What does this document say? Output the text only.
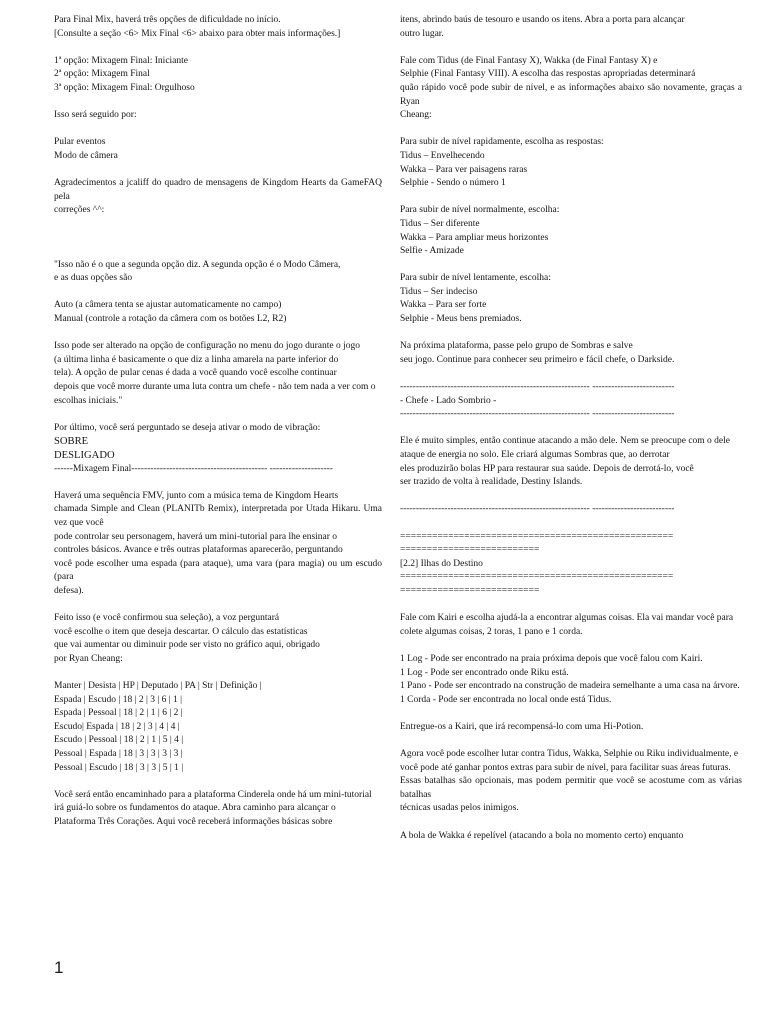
Para Final Mix, haverá três opções de dificuldade no início.
[Consulte a seção <6> Mix Final <6> abaixo para obter mais informações.]
1ª opção: Mixagem Final: Iniciante
2ª opção: Mixagem Final
3ª opção: Mixagem Final: Orgulhoso
Isso será seguido por:
Pular eventos
Modo de câmera
Agradecimentos a jcaliff do quadro de mensagens de Kingdom Hearts da GameFAQ pela
correções ^^:
"Isso não é o que a segunda opção diz. A segunda opção é o Modo Câmera,
e as duas opções são
Auto (a câmera tenta se ajustar automaticamente no campo)
Manual (controle a rotação da câmera com os botões L2, R2)
Isso pode ser alterado na opção de configuração no menu do jogo durante o jogo
(a última linha é basicamente o que diz a linha amarela na parte inferior do
tela). A opção de pular cenas é dada a você quando você escolhe continuar
depois que você morre durante uma luta contra um chefe - não tem nada a ver com o
escolhas iniciais."
Por último, você será perguntado se deseja ativar o modo de vibração:
SOBRE
DESLIGADO
------Mixagem Final------------------------------------------- --------------------
Haverá uma sequência FMV, junto com a música tema de Kingdom Hearts
chamada Simple and Clean (PLANITb Remix), interpretada por Utada Hikaru. Uma vez que você
pode controlar seu personagem, haverá um mini-tutorial para lhe ensinar o
controles básicos. Avance e três outras plataformas aparecerão, perguntando
você pode escolher uma espada (para ataque), uma vara (para magia) ou um escudo (para
defesa).
Feito isso (e você confirmou sua seleção), a voz perguntará
você escolhe o item que deseja descartar. O cálculo das estatísticas
que vai aumentar ou diminuir pode ser visto no gráfico aqui, obrigado
por Ryan Cheang:
Manter | Desista | HP | Deputado | PA | Str | Definição |
Espada | Escudo | 18 | 2 | 3 | 6 | 1 |
Espada | Pessoal | 18 | 2 | 1 | 6 | 2 |
Escudo| Espada | 18 | 2 | 3 | 4 | 4 |
Escudo | Pessoal | 18 | 2 | 1 | 5 | 4 |
Pessoal | Espada | 18 | 3 | 3 | 3 | 3 |
Pessoal | Escudo | 18 | 3 | 3 | 5 | 1 |
Você será então encaminhado para a plataforma Cinderela onde há um mini-tutorial
irá guiá-lo sobre os fundamentos do ataque. Abra caminho para alcançar o
Plataforma Três Corações. Aqui você receberá informações básicas sobre
itens, abrindo baús de tesouro e usando os itens. Abra a porta para alcançar
outro lugar.
Fale com Tidus (de Final Fantasy X), Wakka (de Final Fantasy X) e
Selphie (Final Fantasy VIII). A escolha das respostas apropriadas determinará
quão rápido você pode subir de nível, e as informações abaixo são novamente, graças a Ryan
Cheang:
Para subir de nível rapidamente, escolha as respostas:
Tidus – Envelhecendo
Wakka – Para ver paisagens raras
Selphie - Sendo o número 1
Para subir de nível normalmente, escolha:
Tidus – Ser diferente
Wakka – Para ampliar meus horizontes
Selfie - Amizade
Para subir de nível lentamente, escolha:
Tidus – Ser indeciso
Wakka – Para ser forte
Selphie - Meus bens premiados.
Na próxima plataforma, passe pelo grupo de Sombras e salve
seu jogo. Continue para conhecer seu primeiro e fácil chefe, o Darkside.
------------------------------------------------------------ --------------------------
- Chefe - Lado Sombrio -
------------------------------------------------------------ --------------------------
Ele é muito simples, então continue atacando a mão dele. Nem se preocupe com o dele
ataque de energia no solo. Ele criará algumas Sombras que, ao derrotar
eles produzirão bolas HP para restaurar sua saúde. Depois de derrotá-lo, você
ser trazido de volta à realidade, Destiny Islands.
------------------------------------------------------------ --------------------------
===================================================
==========================
[2.2] Ilhas do Destino
===================================================
==========================
Fale com Kairi e escolha ajudá-la a encontrar algumas coisas. Ela vai mandar você para
colete algumas coisas, 2 toras, 1 pano e 1 corda.
1 Log - Pode ser encontrado na praia próxima depois que você falou com Kairi.
1 Log - Pode ser encontrado onde Riku está.
1 Pano - Pode ser encontrado na construção de madeira semelhante a uma casa na árvore.
1 Corda - Pode ser encontrada no local onde está Tidus.
Entregue-os a Kairi, que irá recompensá-lo com uma Hi-Potion.
Agora você pode escolher lutar contra Tidus, Wakka, Selphie ou Riku individualmente, e
você pode até ganhar pontos extras para subir de nível, para facilitar suas áreas futuras.
Essas batalhas são opcionais, mas podem permitir que você se acostume com as várias batalhas
técnicas usadas pelos inimigos.
A bola de Wakka é repelível (atacando a bola no momento certo) enquanto
1
